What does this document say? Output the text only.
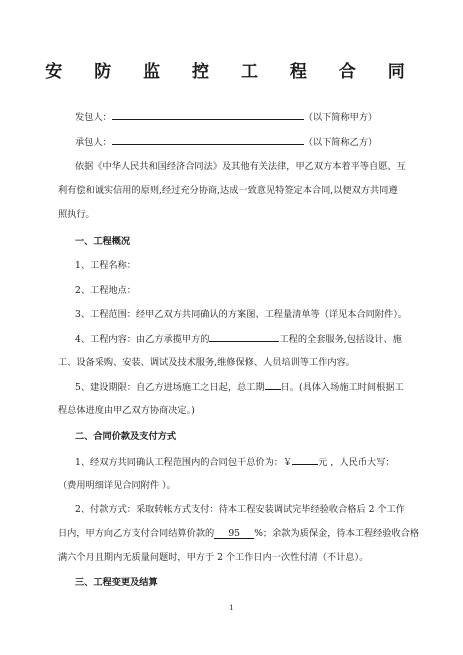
安 防 监 控 工 程 合 同
发包人：	（以下简称甲方）
承包人：	（以下简称乙方）
依据《中华人民共和国经济合同法》及其他有关法律，甲乙双方本着平等自愿、互
利有偿和诚实信用的原则,经过充分协商,达成一致意见特签定本合同,以便双方共同遵
照执行。
一、工程概况
1、工程名称：
2、工程地点：
3、工程范围：经甲乙双方共同确认的方案图、工程量清单等（详见本合同附件）。
4、工程内容：由乙方承揽甲方的	工程的全套服务,包括设计、施
工、设备采购、安装、调试及技术服务,维修保修、人员培训等工作内容。
5、建设期限：自乙方进场施工之日起，总工期 日。(具体入场施工时间根据工
程总体进度由甲乙双方协商决定。)
二、合同价款及支付方式
1、经双方共同确认工程范围内的合同包干总价为：￥	元 ，人民币大写：
（费用明细详见合同附件 ）。
2、付款方式：采取转帐方式支付：待本工程安装调试完毕经验收合格后 2 个工作
日内，甲方向乙方支付合同结算价款的 95 %；余款为质保金，待本工程经验收合格
满六个月且期内无质量问题时，甲方于 2 个工作日内一次性付清（不计息）。
三、工程变更及结算
1
